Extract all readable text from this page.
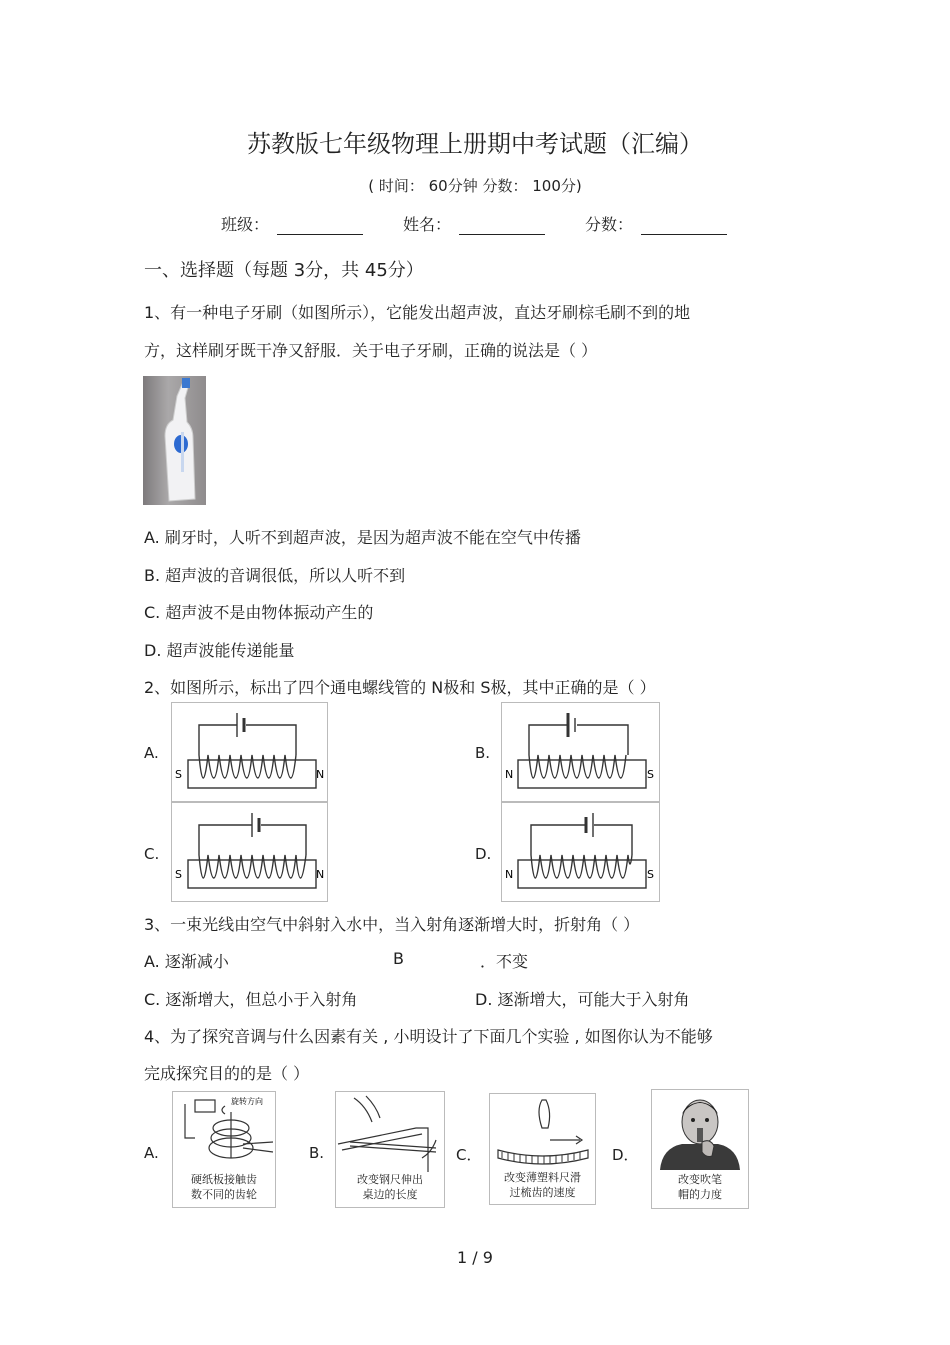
苏教版七年级物理上册期中考试题（汇编）
( 时间： 60分钟 分数： 100分)
班级：	姓名：	分数：
一、选择题（每题 3分，共 45分）
1、有一种电子牙刷（如图所示），它能发出超声波，直达牙刷棕毛刷不到的地
方，这样刷牙既干净又舒服．关于电子牙刷，正确的说法是（ ）
A. 刷牙时，人听不到超声波，是因为超声波不能在空气中传播
B. 超声波的音调很低，所以人听不到
C. 超声波不是由物体振动产生的
D. 超声波能传递能量
2、如图所示，标出了四个通电螺线管的 N极和 S极，其中正确的是（ ）
A.	B.
C.	D.
S	N	N	S
S	N	N	S
3、一束光线由空气中斜射入水中，当入射角逐渐增大时，折射角（ ）
A. 逐渐减小	B	．不变
C. 逐渐增大，但总小于入射角	D. 逐渐增大，可能大于入射角
4、为了探究音调与什么因素有关 , 小明设计了下面几个实验 , 如图你认为不能够
完成探究目的的是（ ）
A.	B.	C．	D．
旋转方向
硬纸板接触齿
数不同的齿轮
改变钢尺伸出
桌边的长度
改变薄塑料尺滑
过梳齿的速度
改变吹笔
帽的力度
1 / 9
